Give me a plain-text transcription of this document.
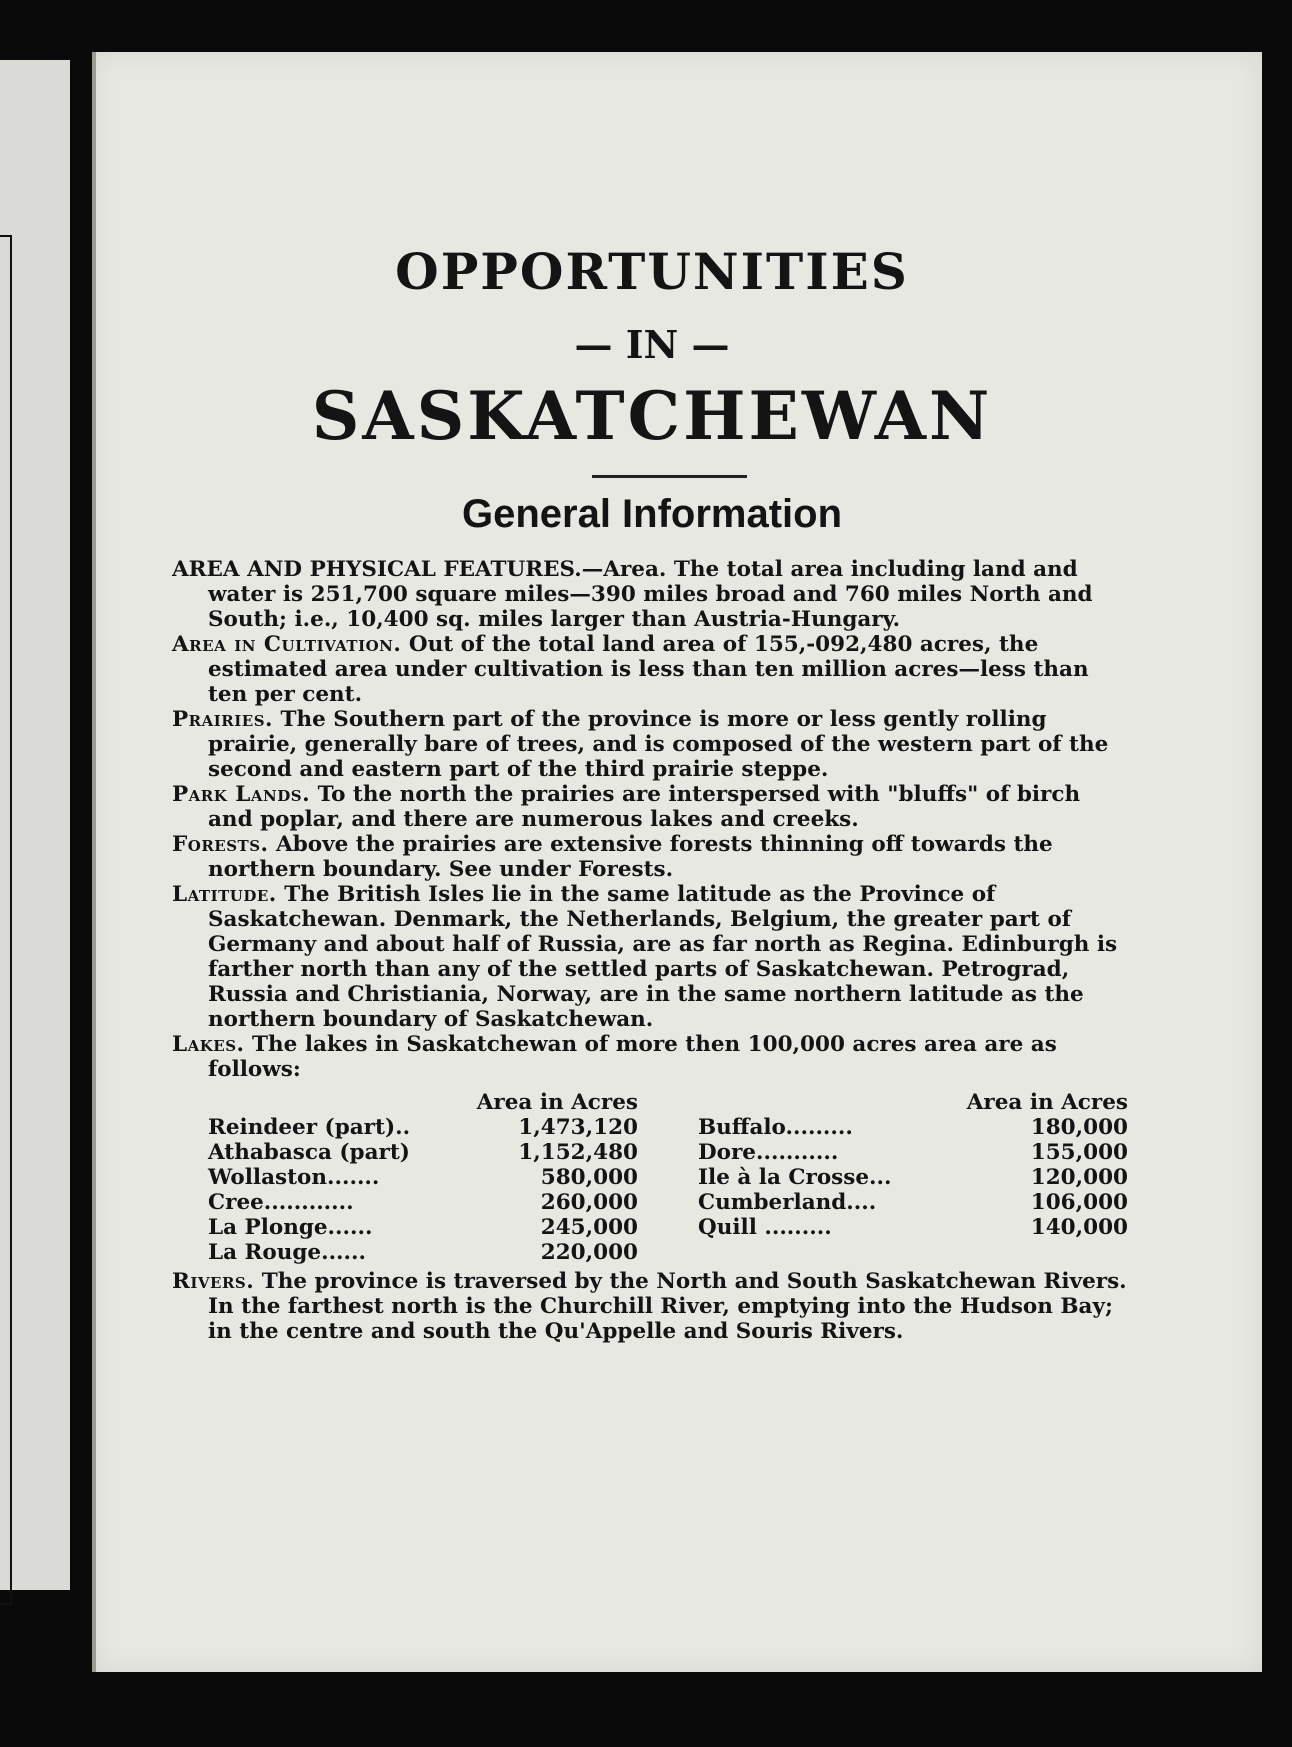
OPPORTUNITIES
— IN —
SASKATCHEWAN
General Information

AREA AND PHYSICAL FEATURES.—Area. The total area including land and water is 251,700 square miles—390 miles broad and 760 miles North and South; i.e., 10,400 sq. miles larger than Austria-Hungary.

Area in Cultivation. Out of the total land area of 155,-092,480 acres, the estimated area under cultivation is less than ten million acres—less than ten per cent.

Prairies. The Southern part of the province is more or less gently rolling prairie, generally bare of trees, and is composed of the western part of the second and eastern part of the third prairie steppe.

Park Lands. To the north the prairies are interspersed with "bluffs" of birch and poplar, and there are numerous lakes and creeks.

Forests. Above the prairies are extensive forests thinning off towards the northern boundary. See under Forests.

Latitude. The British Isles lie in the same latitude as the Province of Saskatchewan. Denmark, the Netherlands, Belgium, the greater part of Germany and about half of Russia, are as far north as Regina. Edinburgh is farther north than any of the settled parts of Saskatchewan. Petrograd, Russia and Christiania, Norway, are in the same northern latitude as the northern boundary of Saskatchewan.

Lakes. The lakes in Saskatchewan of more then 100,000 acres area are as follows:

	Area in Acres			Area in Acres
Reindeer (part)..	1,473,120		Buffalo.........	180,000
Athabasca (part)	1,152,480		Dore...........	155,000
Wollaston.......	580,000		Ile à la Crosse...	120,000
Cree............	260,000		Cumberland....	106,000
La Plonge......	245,000		Quill .........	140,000
La Rouge......	220,000			

Rivers. The province is traversed by the North and South Saskatchewan Rivers. In the farthest north is the Churchill River, emptying into the Hudson Bay; in the centre and south the Qu'Appelle and Souris Rivers.
